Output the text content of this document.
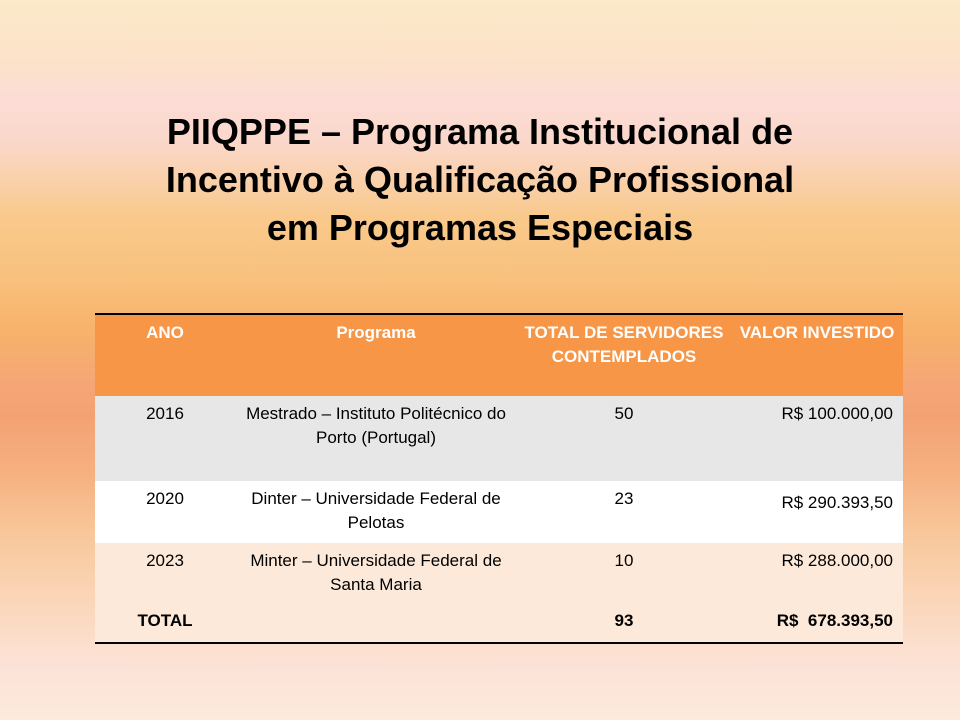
PIIQPPE – Programa Institucional de
Incentivo à Qualificação Profissional
em Programas Especiais
ANO	Programa	TOTAL DE SERVIDORES CONTEMPLADOS	VALOR INVESTIDO
2016	Mestrado – Instituto Politécnico do Porto (Portugal)	50	R$ 100.000,00
2020	Dinter – Universidade Federal de Pelotas	23	R$ 290.393,50
2023	Minter – Universidade Federal de Santa Maria	10	R$ 288.000,00
TOTAL		93	R$  678.393,50
